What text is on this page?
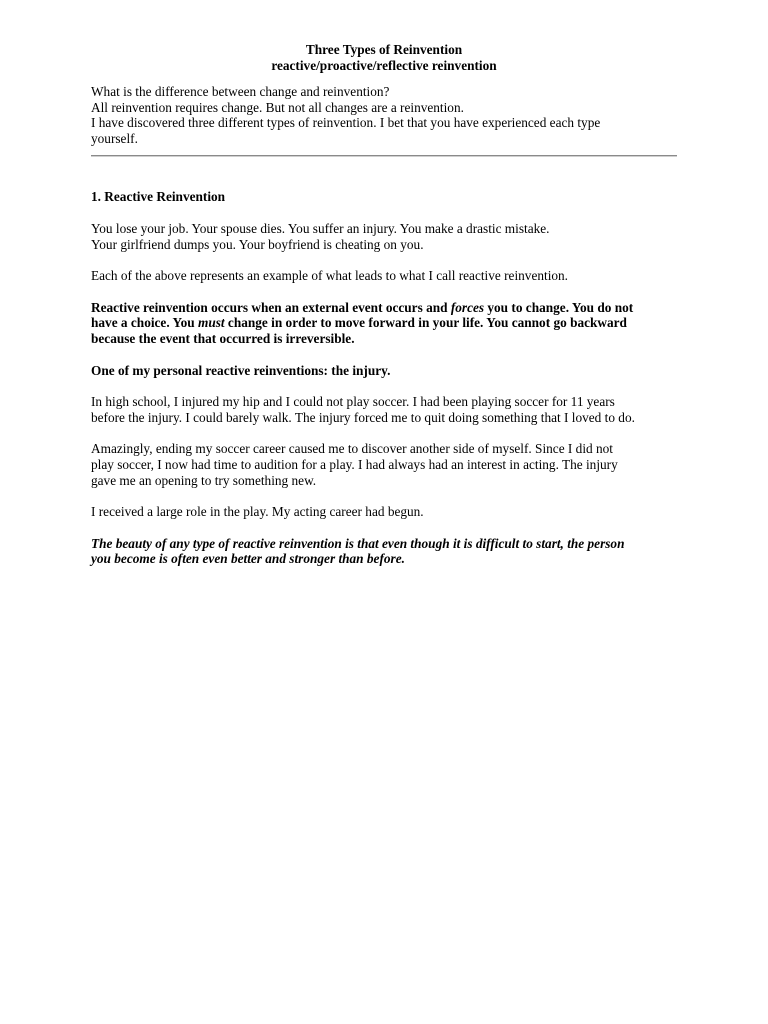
Three Types of Reinvention
reactive/proactive/reflective reinvention
What is the difference between change and reinvention?
All reinvention requires change. But not all changes are a reinvention.
I have discovered three different types of reinvention. I bet that you have experienced each type
yourself.
1. Reactive Reinvention
You lose your job. Your spouse dies. You suffer an injury. You make a drastic mistake.
Your girlfriend dumps you. Your boyfriend is cheating on you.
Each of the above represents an example of what leads to what I call reactive reinvention.
Reactive reinvention occurs when an external event occurs and forces you to change. You do not
have a choice. You must change in order to move forward in your life. You cannot go backward
because the event that occurred is irreversible.
One of my personal reactive reinventions: the injury.
In high school, I injured my hip and I could not play soccer. I had been playing soccer for 11 years
before the injury. I could barely walk. The injury forced me to quit doing something that I loved to do.
Amazingly, ending my soccer career caused me to discover another side of myself. Since I did not
play soccer, I now had time to audition for a play. I had always had an interest in acting. The injury
gave me an opening to try something new.
I received a large role in the play. My acting career had begun.
The beauty of any type of reactive reinvention is that even though it is difficult to start, the person
you become is often even better and stronger than before.
